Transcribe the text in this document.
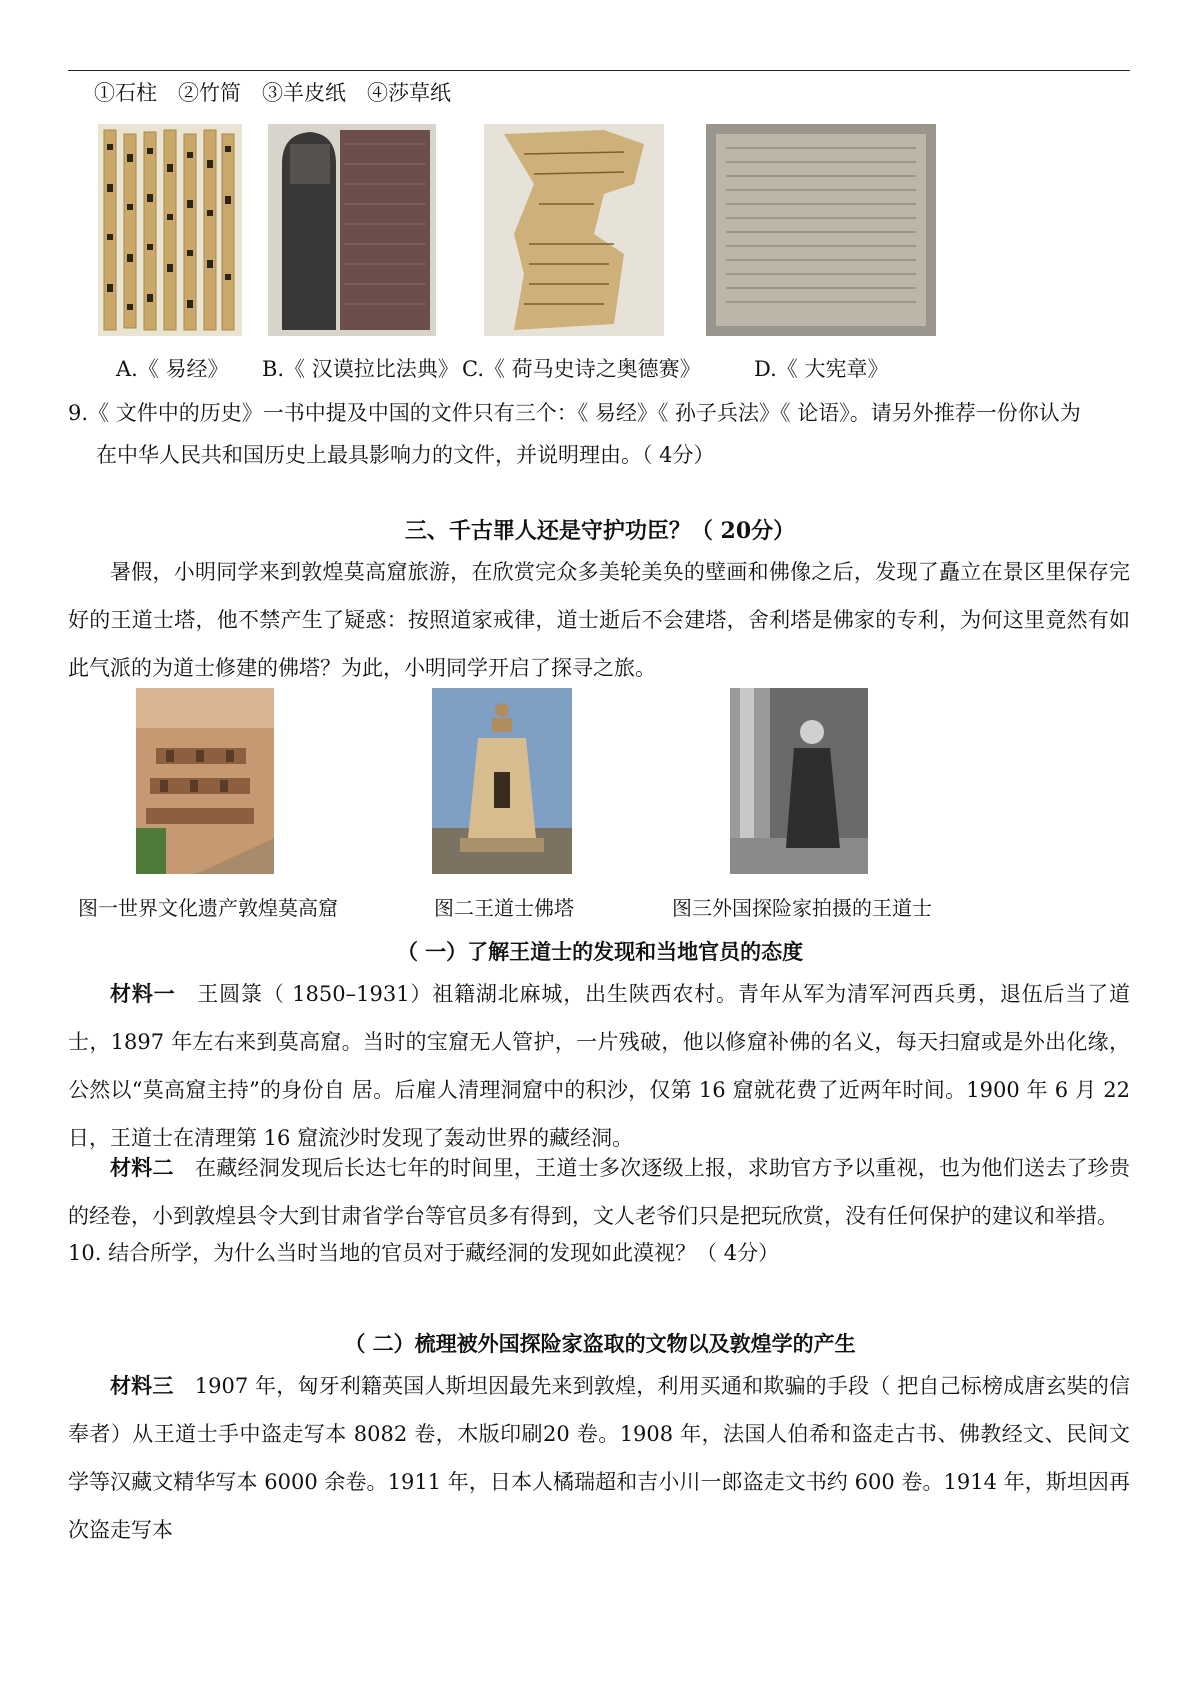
①石柱　②竹简　③羊皮纸　④莎草纸
A.《 易经》 B.《 汉谟拉比法典》 C.《 荷马史诗之奥德赛》	D.《 大宪章》
9.《 文件中的历史》一书中提及中国的文件只有三个：《 易经》《 孙子兵法》《 论语》。请另外推荐一份你认为
在中华人民共和国历史上最具影响力的文件，并说明理由。（ 4分）
三、千古罪人还是守护功臣？（ 20分）
暑假，小明同学来到敦煌莫高窟旅游，在欣赏完众多美轮美奂的壁画和佛像之后，发现了矗立在景区里保存完好的王道士塔，他不禁产生了疑惑：按照道家戒律，道士逝后不会建塔，舍利塔是佛家的专利，为何这里竟然有如此气派的为道士修建的佛塔？为此，小明同学开启了探寻之旅。
图一世界文化遗产敦煌莫高窟	图二王道士佛塔	图三外国探险家拍摄的王道士
（ 一）了解王道士的发现和当地官员的态度
材料一　 王圆箓（ 1850–1931）祖籍湖北麻城，出生陕西农村。青年从军为清军河西兵勇，退伍后当了道士，1897 年左右来到莫高窟。当时的宝窟无人管护，一片残破，他以修窟补佛的名义，每天扫窟或是外出化缘，公然以“莫高窟主持”的身份自 居。后雇人清理洞窟中的积沙，仅第 16 窟就花费了近两年时间。1900 年 6 月 22 日，王道士在清理第 16 窟流沙时发现了轰动世界的藏经洞。
材料二　 在藏经洞发现后长达七年的时间里，王道士多次逐级上报，求助官方予以重视，也为他们送去了珍贵的经卷，小到敦煌县令大到甘肃省学台等官员多有得到，文人老爷们只是把玩欣赏，没有任何保护的建议和举措。
10. 结合所学，为什么当时当地的官员对于藏经洞的发现如此漠视？（ 4分）
（ 二）梳理被外国探险家盗取的文物以及敦煌学的产生
材料三　 1907 年，匈牙利籍英国人斯坦因最先来到敦煌，利用买通和欺骗的手段（ 把自己标榜成唐玄奘的信奉者）从王道士手中盗走写本 8082 卷，木版印刷20 卷。1908 年，法国人伯希和盗走古书、佛教经文、民间文学等汉藏文精华写本 6000 余卷。1911 年，日本人橘瑞超和吉小川一郎盗走文书约 600 卷。1914 年，斯坦因再次盗走写本
